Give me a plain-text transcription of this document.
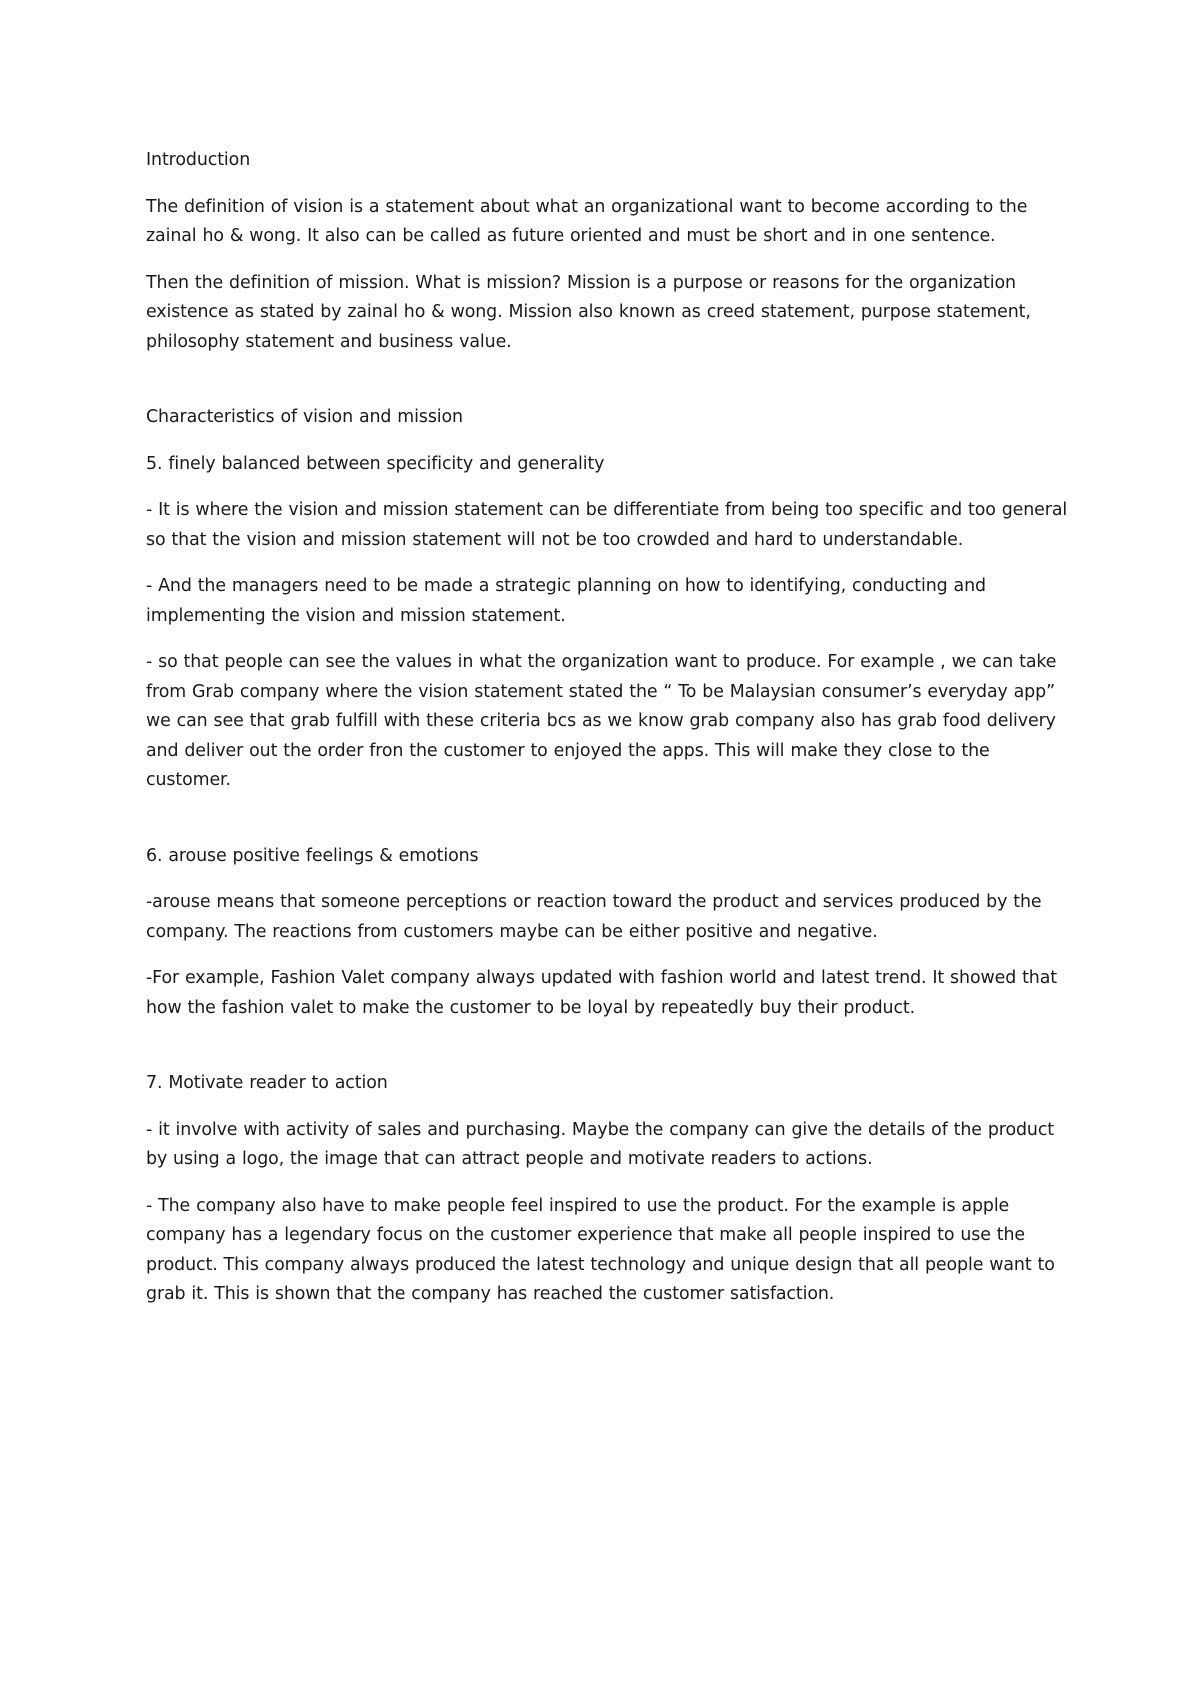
Introduction

The definition of vision is a statement about what an organizational want to become according to the zainal ho & wong. It also can be called as future oriented and must be short and in one sentence.

Then the definition of mission. What is mission? Mission is a purpose or reasons for the organization existence as stated by zainal ho & wong. Mission also known as creed statement, purpose statement, philosophy statement and business value.

Characteristics of vision and mission

5. finely balanced between specificity and generality

- It is where the vision and mission statement can be differentiate from being too specific and too general so that the vision and mission statement will not be too crowded and hard to understandable.

- And the managers need to be made a strategic planning on how to identifying, conducting and implementing the vision and mission statement.

- so that people can see the values in what the organization want to produce. For example , we can take from Grab company where the vision statement stated the “ To be Malaysian consumer’s everyday app” we can see that grab fulfill with these criteria bcs as we know grab company also has grab food delivery and deliver out the order fron the customer to enjoyed the apps. This will make they close to the customer.

6. arouse positive feelings & emotions

-arouse means that someone perceptions or reaction toward the product and services produced by the company. The reactions from customers maybe can be either positive and negative.

-For example, Fashion Valet company always updated with fashion world and latest trend. It showed that how the fashion valet to make the customer to be loyal by repeatedly buy their product.

7. Motivate reader to action

- it involve with activity of sales and purchasing. Maybe the company can give the details of the product by using a logo, the image that can attract people and motivate readers to actions.

- The company also have to make people feel inspired to use the product. For the example is apple company has a legendary focus on the customer experience that make all people inspired to use the product. This company always produced the latest technology and unique design that all people want to grab it. This is shown that the company has reached the customer satisfaction.
